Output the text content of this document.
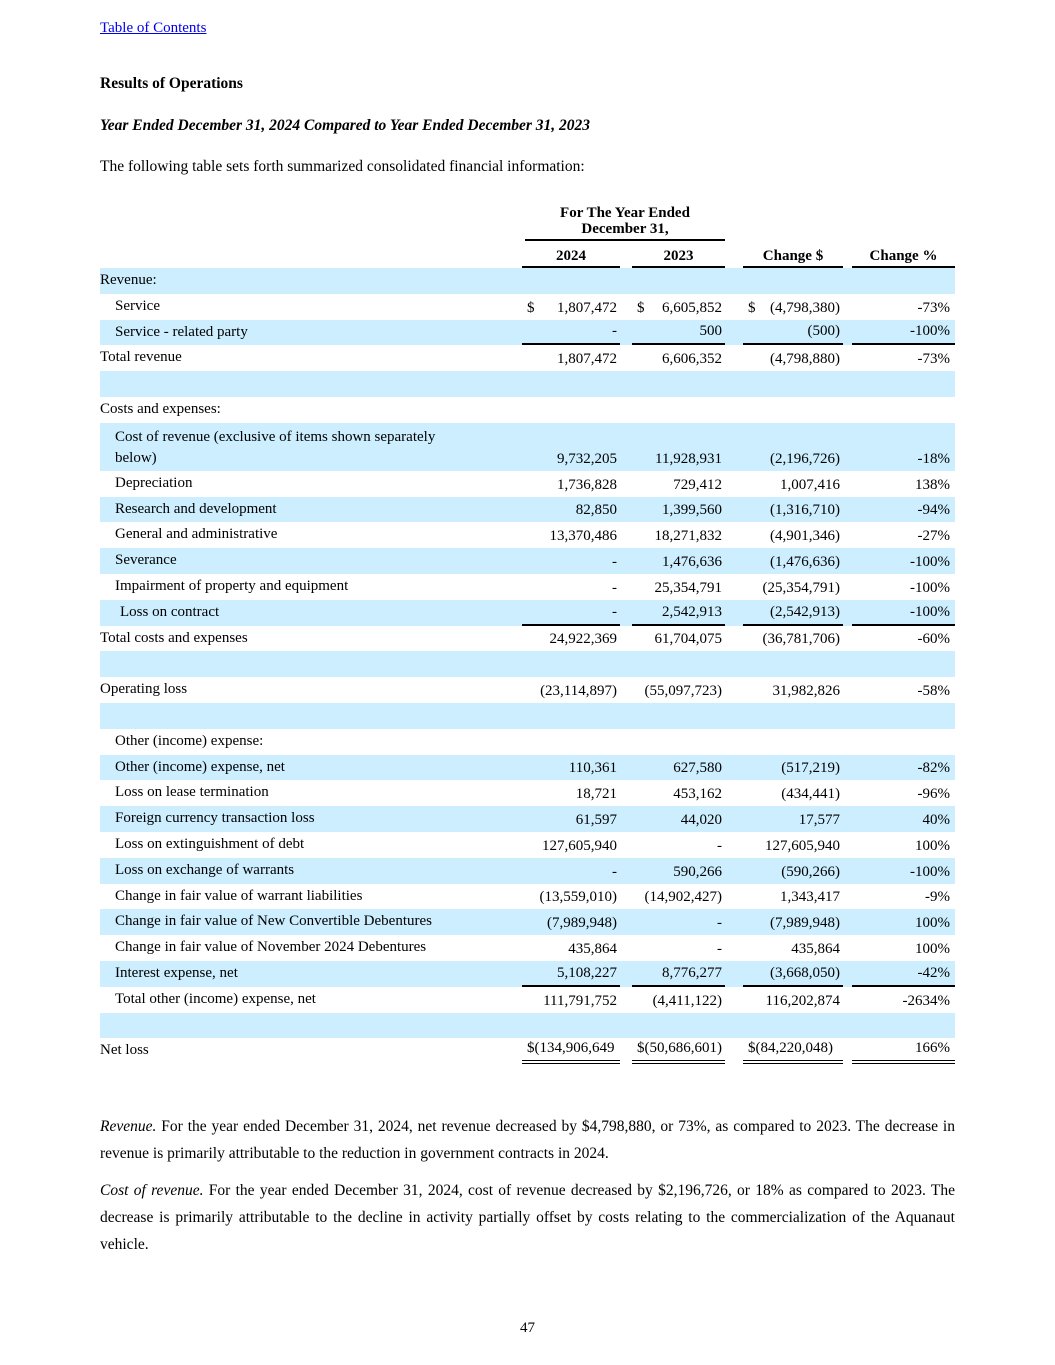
Table of Contents
Results of Operations
Year Ended December 31, 2024 Compared to Year Ended December 31, 2023
The following table sets forth summarized consolidated financial information:
For The Year Ended
December 31,
2024	2023	Change $	Change %
Revenue:
Service	$ 1,807,472 $ 6,605,852 $ (4,798,380)	-73%
Service - related party	-	500	(500)	-100%
Total revenue	1,807,472	6,606,352	(4,798,880)	-73%
Costs and expenses:
Cost of revenue (exclusive of items shown separately
below)	9,732,205	11,928,931	(2,196,726)	-18%
Depreciation	1,736,828	729,412	1,007,416	138%
Research and development	82,850	1,399,560	(1,316,710)	-94%
General and administrative	13,370,486	18,271,832	(4,901,346)	-27%
Severance	-	1,476,636	(1,476,636)	-100%
Impairment of property and equipment	-	25,354,791	(25,354,791)	-100%
Loss on contract	-	2,542,913	(2,542,913)	-100%
Total costs and expenses	24,922,369	61,704,075	(36,781,706)	-60%
Operating loss	(23,114,897)	(55,097,723)	31,982,826	-58%
Other (income) expense:
Other (income) expense, net	110,361	627,580	(517,219)	-82%
Loss on lease termination	18,721	453,162	(434,441)	-96%
Foreign currency transaction loss	61,597	44,020	17,577	40%
Loss on extinguishment of debt	127,605,940	-	127,605,940	100%
Loss on exchange of warrants	-	590,266	(590,266)	-100%
Change in fair value of warrant liabilities	(13,559,010)	(14,902,427)	1,343,417	-9%
Change in fair value of New Convertible Debentures	(7,989,948)	-	(7,989,948)	100%
Change in fair value of November 2024 Debentures	435,864	-	435,864	100%
Interest expense, net	5,108,227	8,776,277	(3,668,050)	-42%
Total other (income) expense, net	111,791,752	(4,411,122)	116,202,874	-2634%
Net loss	$(134,906,649	$(50,686,601)	$(84,220,048)	166%

Revenue. For the year ended December 31, 2024, net revenue decreased by $4,798,880, or 73%, as compared to 2023. The decrease in revenue is primarily attributable to the reduction in government contracts in 2024.

Cost of revenue. For the year ended December 31, 2024, cost of revenue decreased by $2,196,726, or 18% as compared to 2023. The decrease is primarily attributable to the decline in activity partially offset by costs relating to the commercialization of the Aquanaut vehicle.

47
